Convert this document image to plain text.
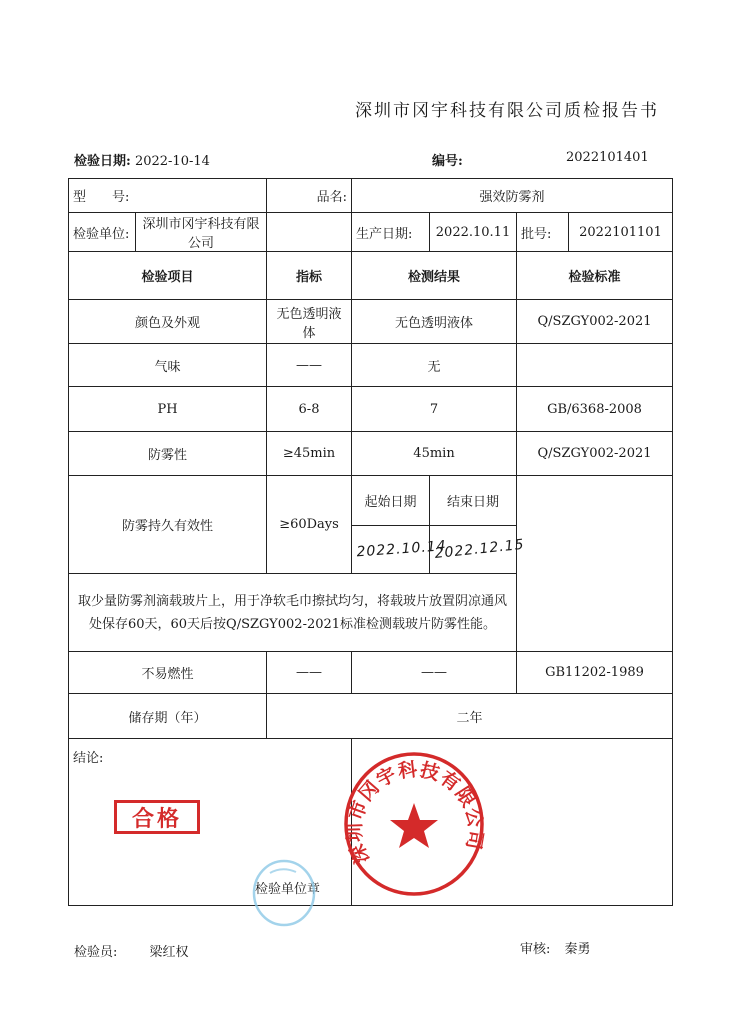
深圳市冈宇科技有限公司质检报告书
检验日期: 2022-10-14	编号:	2022101401
型　　号:	品名:	强效防雾剂

检验单位:	深圳市冈宇科技有限公司
		生产日期:	2022.10.11	批号:	2022101101
检验项目	指标	检测结果	检验标准
颜色及外观	无色透明液体	无色透明液体	Q/SZGY002-2021
气味	——	无	
PH	6-8	7	GB/6368-2008
防雾性	≥45min	45min	Q/SZGY002-2021
防雾持久有效性	≥60Days	起始日期	结束日期	
2022.10.14	2022.12.15
取少量防雾剂滴载玻片上，用于净软毛巾擦拭均匀，将载玻片放置阴凉通风处保存60天，60天后按Q/SZGY002-2021标准检测载玻片防雾性能。
不易燃性	——	——	GB11202-1989
储存期（年）	二年

结论:
检验单位章

合格
深圳市冈宇科技有限公司
检验员: 梁红权	审核: 秦勇
